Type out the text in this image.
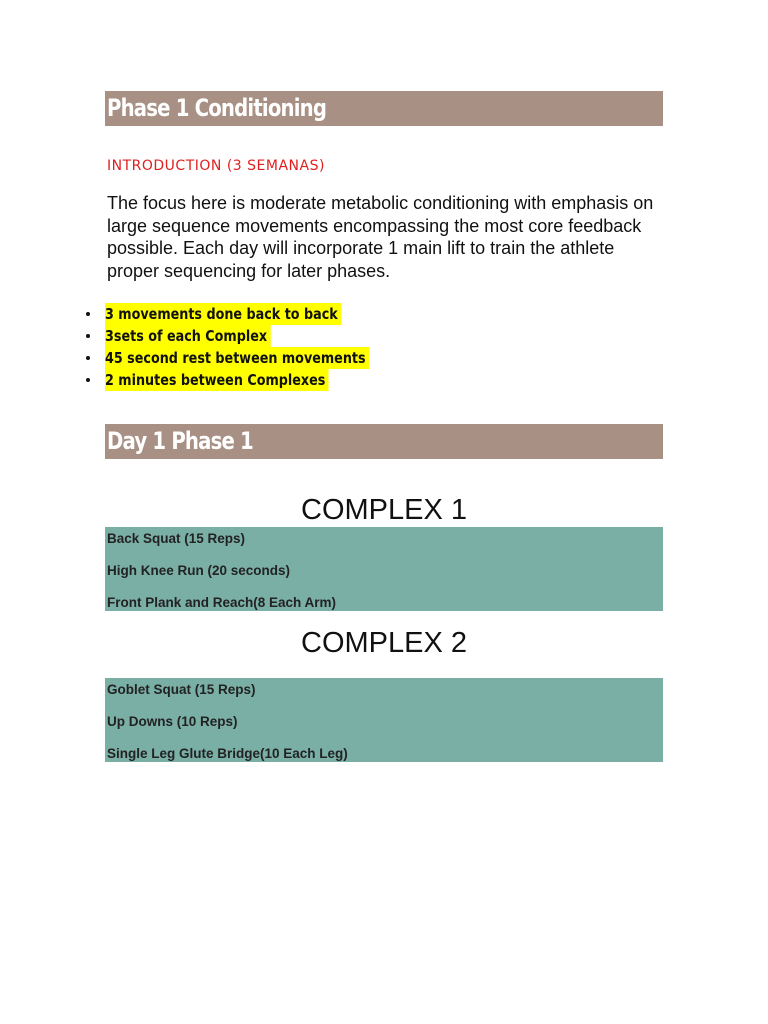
Phase 1 Conditioning
INTRODUCTION (3 SEMANAS)

The focus here is moderate metabolic conditioning with emphasis on large sequence movements encompassing the most core feedback possible. Each day will incorporate 1 main lift to train the athlete proper sequencing for later phases.

3 movements done back to back
3sets of each Complex
45 second rest between movements
2 minutes between Complexes
Day 1 Phase 1
COMPLEX 1
Back Squat (15 Reps)
High Knee Run (20 seconds)
Front Plank and Reach(8 Each Arm)
COMPLEX 2
Goblet Squat (15 Reps)
Up Downs (10 Reps)
Single Leg Glute Bridge(10 Each Leg)
